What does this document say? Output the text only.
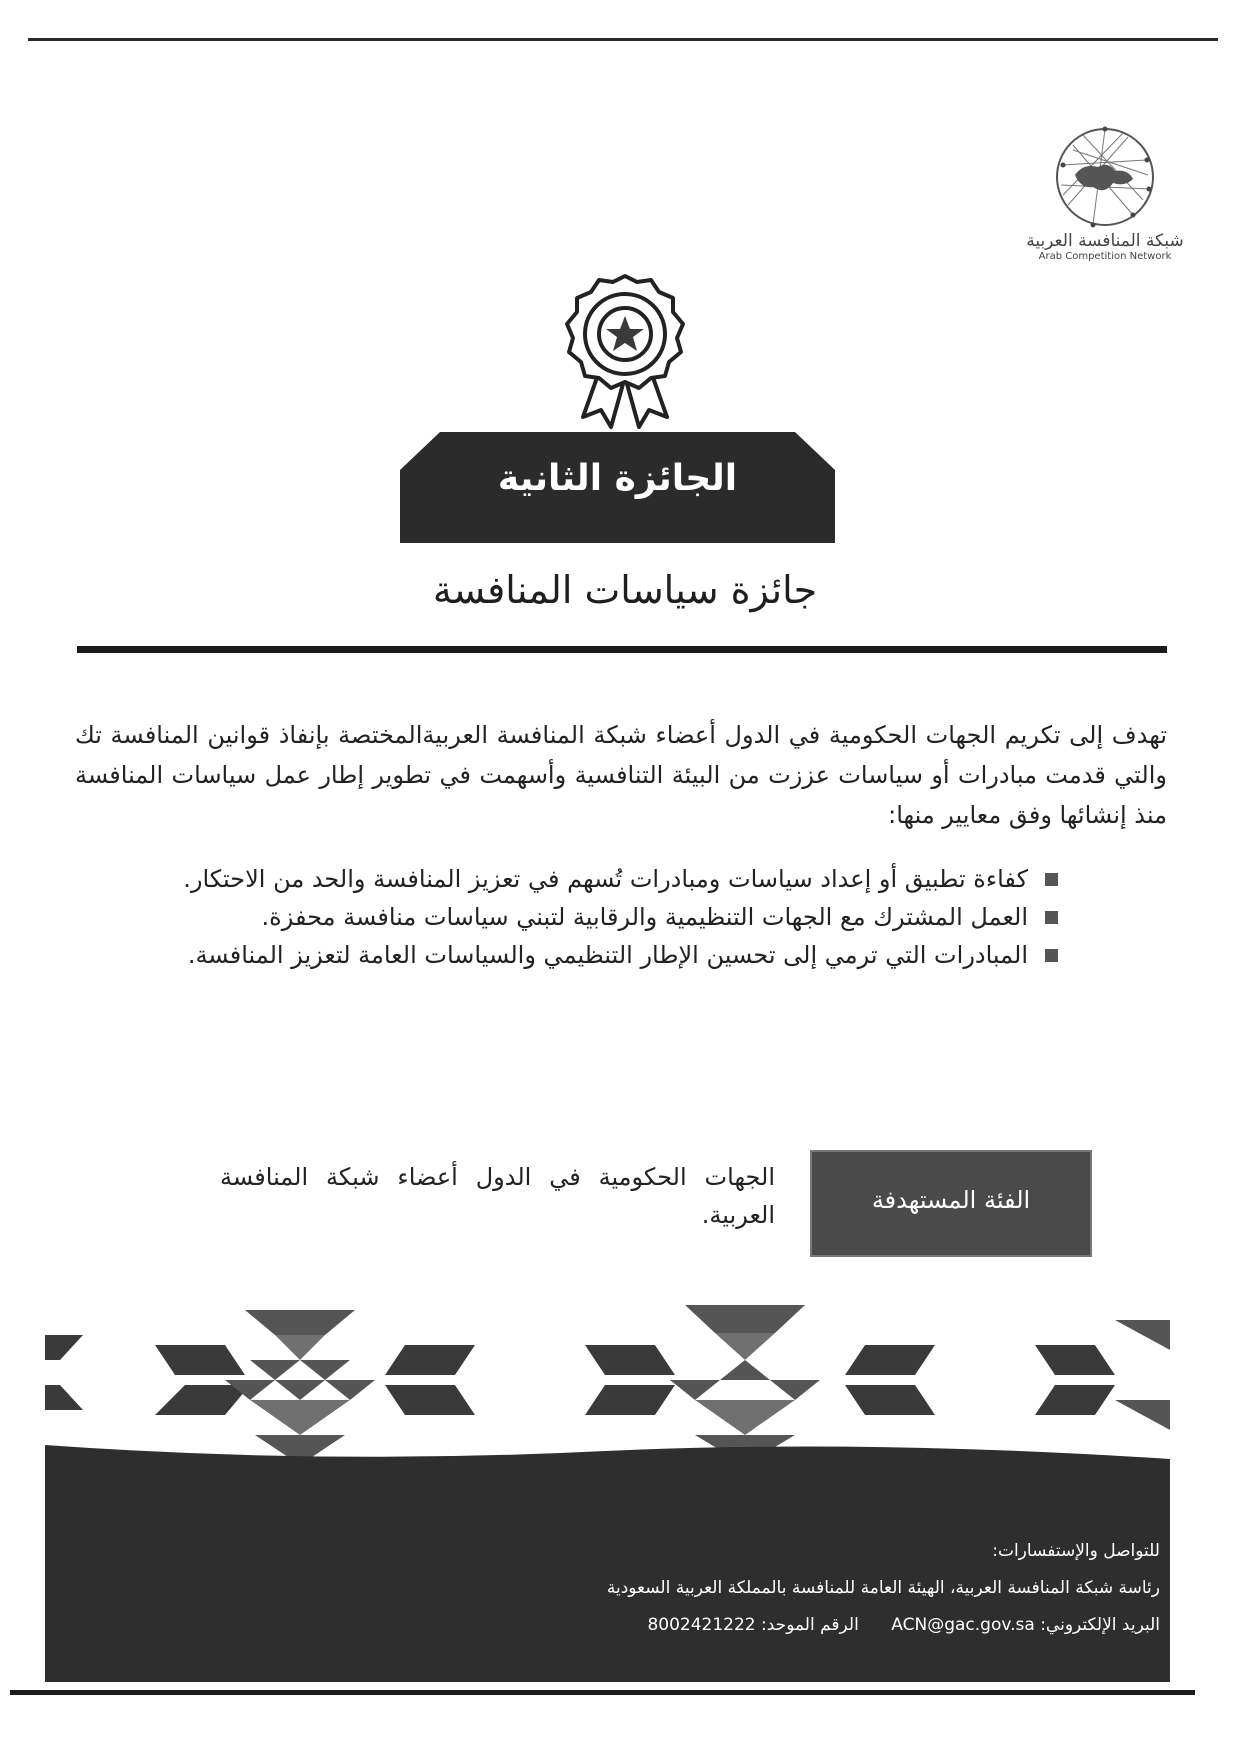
شبكة المنافسة العربية
Arab Competition Network
الجائزة الثانية
جائزة سياسات المنافسة
تهدف إلى تكريم الجهات الحكومية في الدول أعضاء شبكة المنافسة العربيةالمختصة بإنفاذ قوانين المنافسة تك والتي قدمت مبادرات أو سياسات عززت من البيئة التنافسية وأسهمت في تطوير إطار عمل سياسات المنافسة منذ إنشائها وفق معايير منها:
كفاءة تطبيق أو إعداد سياسات ومبادرات تُسهم في تعزيز المنافسة والحد من الاحتكار.
العمل المشترك مع الجهات التنظيمية والرقابية لتبني سياسات منافسة محفزة.
المبادرات التي ترمي إلى تحسين الإطار التنظيمي والسياسات العامة لتعزيز المنافسة.
الفئة المستهدفة
الجهات الحكومية في الدول أعضاء شبكة المنافسة العربية.
للتواصل والإستفسارات:
رئاسة شبكة المنافسة العربية، الهيئة العامة للمنافسة بالمملكة العربية السعودية
البريد الإلكتروني: ACN@gac.gov.sa      الرقم الموحد: 8002421222
